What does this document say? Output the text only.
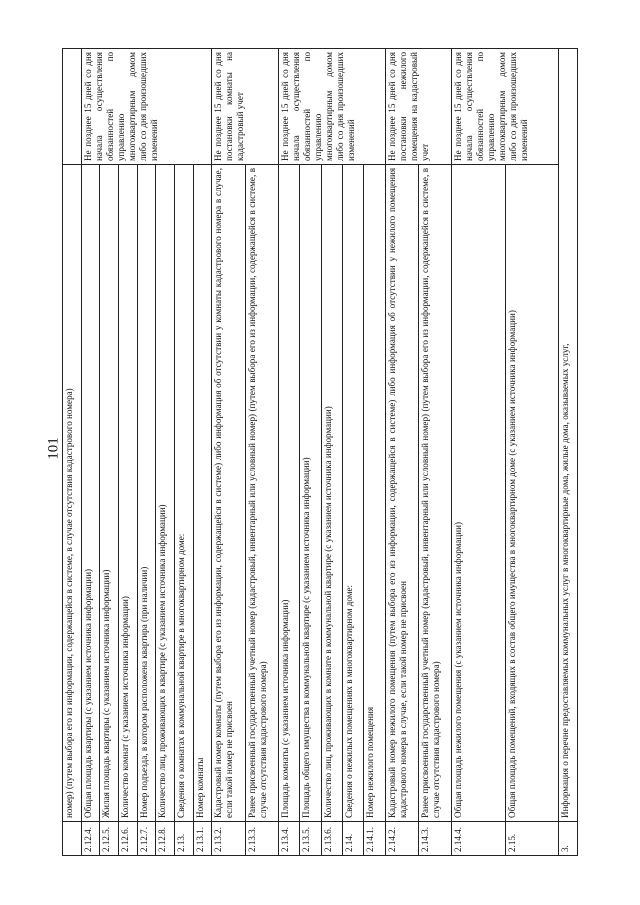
101
	номер) (путем выбора его из информации, содержащейся в системе, в случае отсутствия кадастрового номера)	
2.12.4.	Общая площадь квартиры (с указанием источника информации)	Не позднее 15 дней со дня начала осуществления обязанностей по управлению многоквартирным домом либо со дня произошедших изменений
2.12.5.	Жилая площадь квартиры (с указанием источника информации)	
2.12.6.	Количество комнат (с указанием источника информации)	
2.12.7.	Номер подъезда, в котором расположена квартира (при наличии)	
2.12.8.	Количество лиц, проживающих в квартире (с указанием источника информации)	
2.13.	Сведения о комнатах в коммунальной квартире в многоквартирном доме:	
2.13.1.	Номер комнаты	
2.13.2.	Кадастровый номер комнаты (путем выбора его из информации, содержащейся в системе) либо информация об отсутствии у комнаты кадастрового номера в случае, если такой номер не присвоен	Не позднее 15 дней со дня постановки комнаты на кадастровый учет
2.13.3.	Ранее присвоенный государственный учетный номер (кадастровый, инвентарный или условный номер) (путем выбора его из информации, содержащейся в системе, в случае отсутствия кадастрового номера)	
2.13.4.	Площадь комнаты (с указанием источника информации)	Не позднее 15 дней со дня начала осуществления обязанностей по управлению многоквартирным домом либо со дня произошедших изменений
2.13.5.	Площадь общего имущества в коммунальной квартире (с указанием источника информации)	
2.13.6.	Количество лиц, проживающих в комнате в коммунальной квартире (с указанием источника информации)	
2.14.	Сведения о нежилых помещениях в многоквартирном доме:	
2.14.1.	Номер нежилого помещения	
2.14.2.	Кадастровый номер нежилого помещения (путем выбора его из информации, содержащейся в системе) либо информация об отсутствии у нежилого помещения кадастрового номера в случае, если такой номер не присвоен	Не позднее 15 дней со дня постановки нежилого помещения на кадастровый учет
2.14.3.	Ранее присвоенный государственный учетный номер (кадастровый, инвентарный или условный номер) (путем выбора его из информации, содержащейся в системе, в случае отсутствия кадастрового номера)	
2.14.4.	Общая площадь нежилого помещения (с указанием источника информации)	Не позднее 15 дней со дня начала осуществления обязанностей по управлению многоквартирным домом либо со дня произошедших изменений
2.15.	Общая площадь помещений, входящих в состав общего имущества в многоквартирном доме (с указанием источника информации)	
3.	Информация о перечне предоставляемых коммунальных услуг в многоквартирные дома, жилые дома, оказываемых услуг,	
